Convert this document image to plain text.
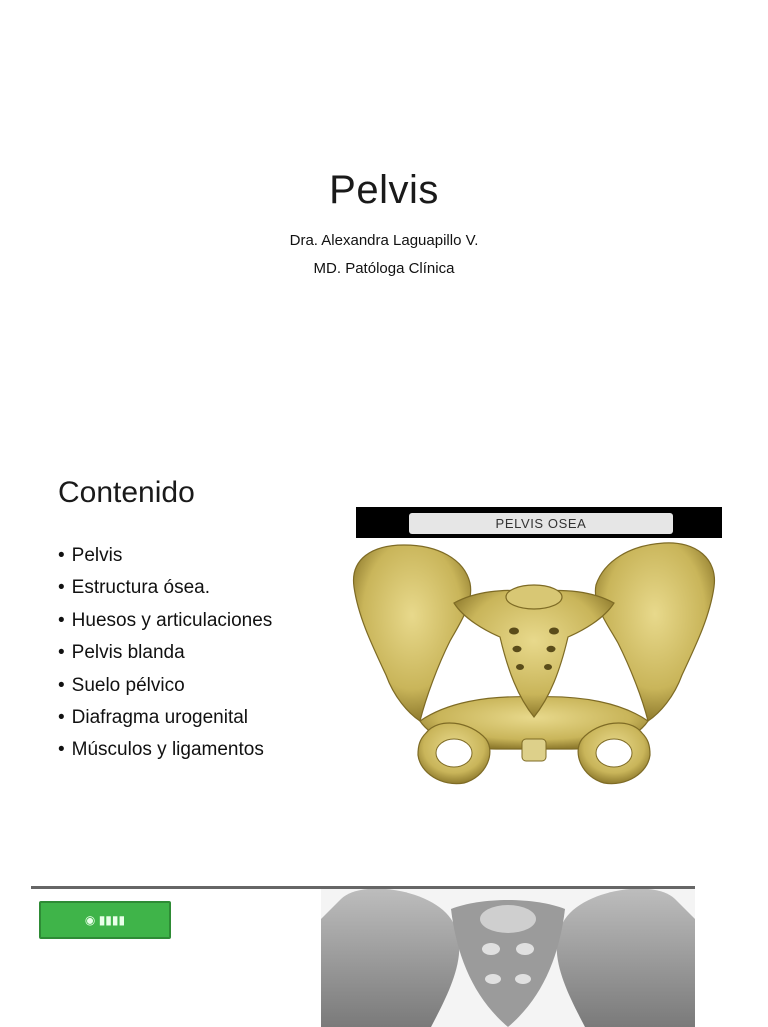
Pelvis
Dra. Alexandra Laguapillo V.
MD. Patóloga Clínica
Contenido
• Pelvis
• Estructura ósea.
• Huesos y articulaciones
• Pelvis blanda
• Suelo pélvico
• Diafragma urogenital
• Músculos y ligamentos
PELVIS OSEA
◉ ▮▮▮▮
